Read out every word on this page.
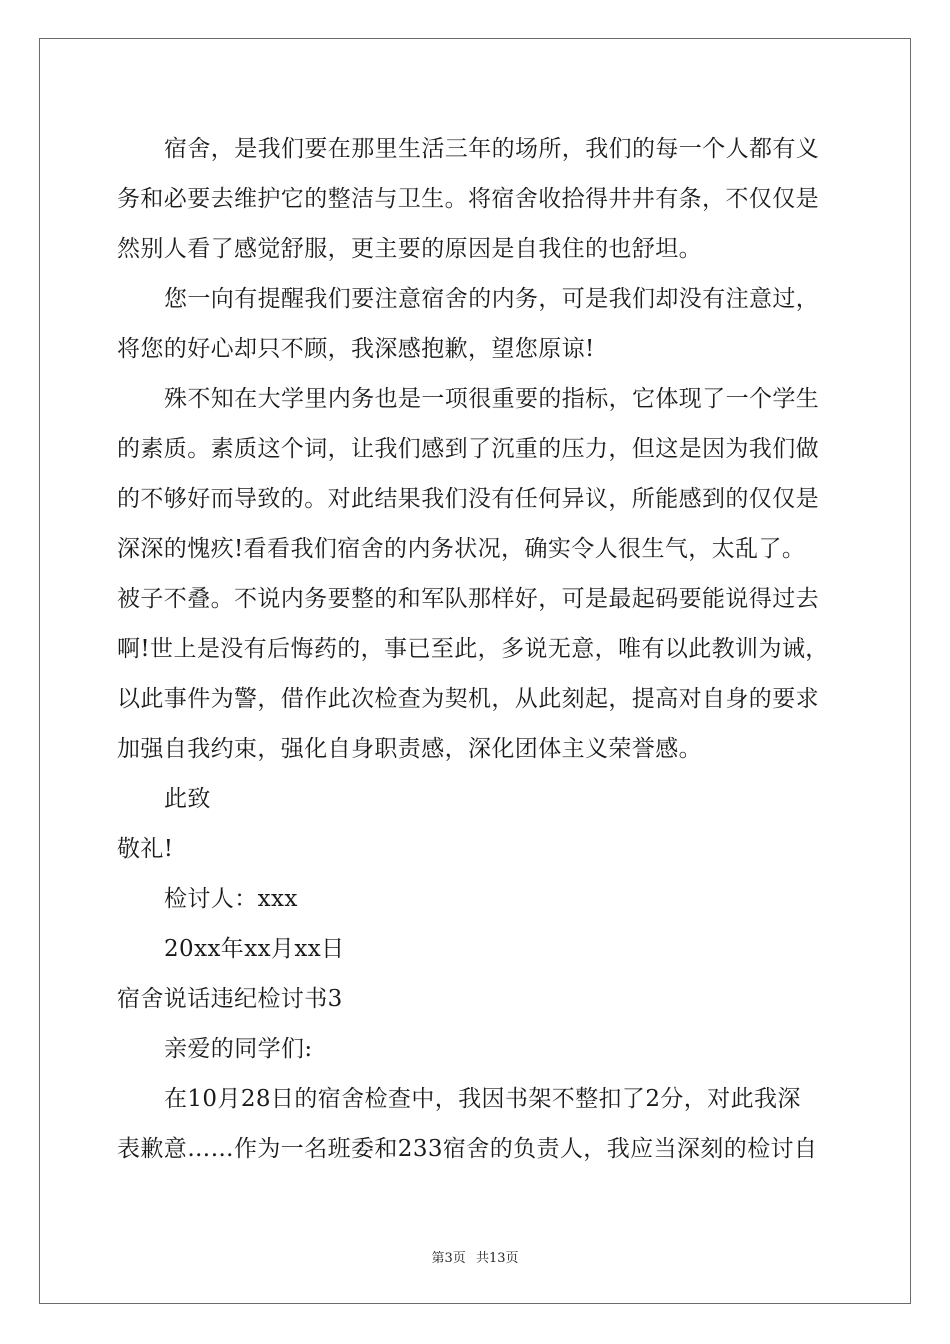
宿舍，是我们要在那里生活三年的场所，我们的每一个人都有义
务和必要去维护它的整洁与卫生。将宿舍收拾得井井有条，不仅仅是
然别人看了感觉舒服，更主要的原因是自我住的也舒坦。
您一向有提醒我们要注意宿舍的内务，可是我们却没有注意过，
将您的好心却只不顾，我深感抱歉，望您原谅!
殊不知在大学里内务也是一项很重要的指标，它体现了一个学生
的素质。素质这个词，让我们感到了沉重的压力，但这是因为我们做
的不够好而导致的。对此结果我们没有任何异议，所能感到的仅仅是
深深的愧疚!看看我们宿舍的内务状况，确实令人很生气，太乱了。
被子不叠。不说内务要整的和军队那样好，可是最起码要能说得过去
啊!世上是没有后悔药的，事已至此，多说无意，唯有以此教训为诫，
以此事件为警，借作此次检查为契机，从此刻起，提高对自身的要求
加强自我约束，强化自身职责感，深化团体主义荣誉感。
此致
敬礼!
检讨人：xxx
20xx年xx月xx日
宿舍说话违纪检讨书3
亲爱的同学们:
在10月28日的宿舍检查中，我因书架不整扣了2分，对此我深
表歉意……作为一名班委和233宿舍的负责人，我应当深刻的检讨自
第3页 共13页
